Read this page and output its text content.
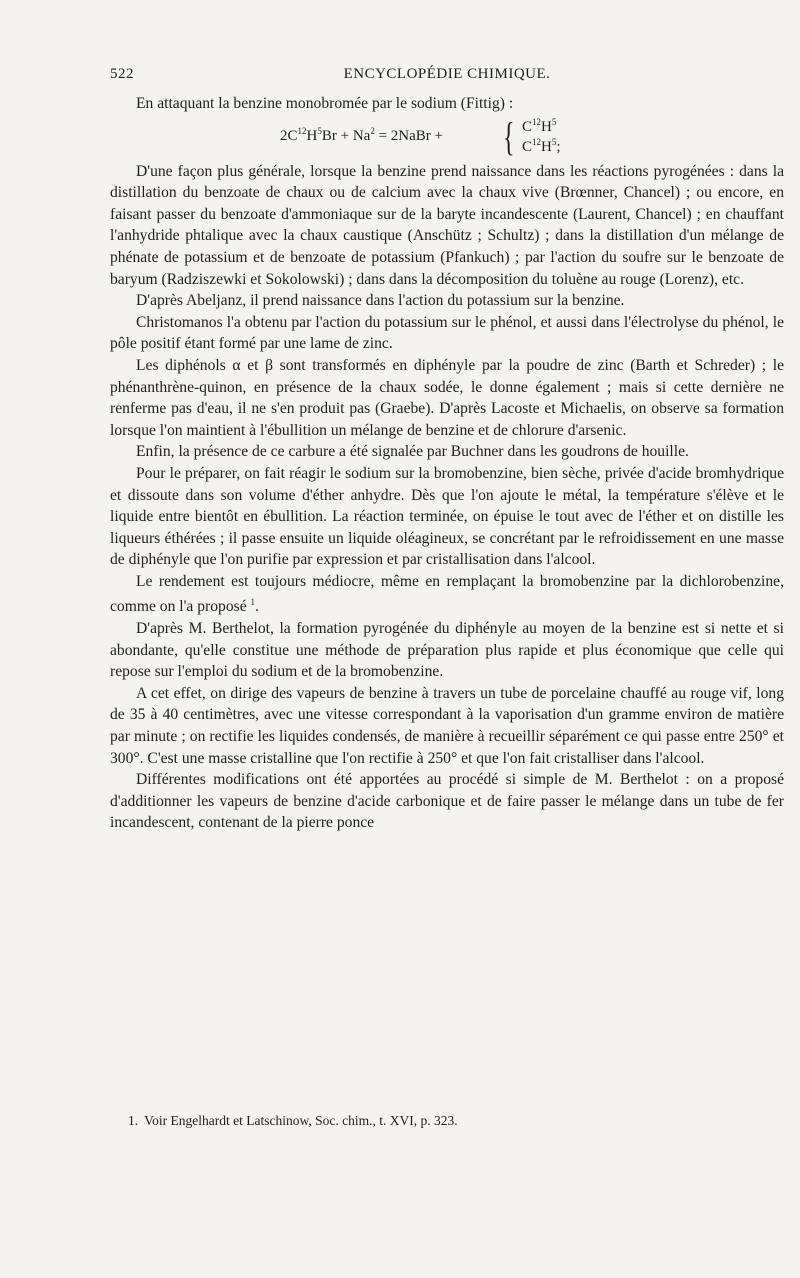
522	ENCYCLOPÉDIE CHIMIQUE.

En attaquant la benzine monobromée par le sodium (Fittig) :

$2C^{12}H^5Br + Na^2$ = 2NaBr + { $C^{12}H^5$
$C^{12}H^5$;

D'une façon plus générale, lorsque la benzine prend naissance dans les réactions pyrogénées : dans la distillation du benzoate de chaux ou de calcium avec la chaux vive (Brœnner, Chancel) ; ou encore, en faisant passer du benzoate d'ammoniaque sur de la baryte incandescente (Laurent, Chancel) ; en chauffant l'anhydride phtalique avec la chaux caustique (Anschütz ; Schultz) ; dans la distillation d'un mélange de phénate de potassium et de benzoate de potassium (Pfankuch) ; par l'action du soufre sur le benzoate de baryum (Radziszewki et Sokolowski) ; dans dans la décomposition du toluène au rouge (Lorenz), etc.

D'après Abeljanz, il prend naissance dans l'action du potassium sur la benzine.

Christomanos l'a obtenu par l'action du potassium sur le phénol, et aussi dans l'électrolyse du phénol, le pôle positif étant formé par une lame de zinc.

Les diphénols α et β sont transformés en diphényle par la poudre de zinc (Barth et Schreder) ; le phénanthrène-quinon, en présence de la chaux sodée, le donne également ; mais si cette dernière ne renferme pas d'eau, il ne s'en produit pas (Graebe). D'après Lacoste et Michaelis, on observe sa formation lorsque l'on maintient à l'ébullition un mélange de benzine et de chlorure d'arsenic.

Enfin, la présence de ce carbure a été signalée par Buchner dans les goudrons de houille.

Pour le préparer, on fait réagir le sodium sur la bromobenzine, bien sèche, privée d'acide bromhydrique et dissoute dans son volume d'éther anhydre. Dès que l'on ajoute le métal, la température s'élève et le liquide entre bientôt en ébullition. La réaction terminée, on épuise le tout avec de l'éther et on distille les liqueurs éthérées ; il passe ensuite un liquide oléagineux, se concrétant par le refroidissement en une masse de diphényle que l'on purifie par expression et par cristallisation dans l'alcool.

Le rendement est toujours médiocre, même en remplaçant la bromobenzine par la dichlorobenzine, comme on l'a proposé $^1$.

D'après M. Berthelot, la formation pyrogénée du diphényle au moyen de la benzine est si nette et si abondante, qu'elle constitue une méthode de préparation plus rapide et plus économique que celle qui repose sur l'emploi du sodium et de la bromobenzine.

A cet effet, on dirige des vapeurs de benzine à travers un tube de porcelaine chauffé au rouge vif, long de 35 à 40 centimètres, avec une vitesse correspondant à la vaporisation d'un gramme environ de matière par minute ; on rectifie les liquides condensés, de manière à recueillir séparément ce qui passe entre 250° et 300°. C'est une masse cristalline que l'on rectifie à 250° et que l'on fait cristalliser dans l'alcool.

Différentes modifications ont été apportées au procédé si simple de M. Berthelot : on a proposé d'additionner les vapeurs de benzine d'acide carbonique et de faire passer le mélange dans un tube de fer incandescent, contenant de la pierre ponce

1. Voir Engelhardt et Latschinow, Soc. chim., t. XVI, p. 323.
